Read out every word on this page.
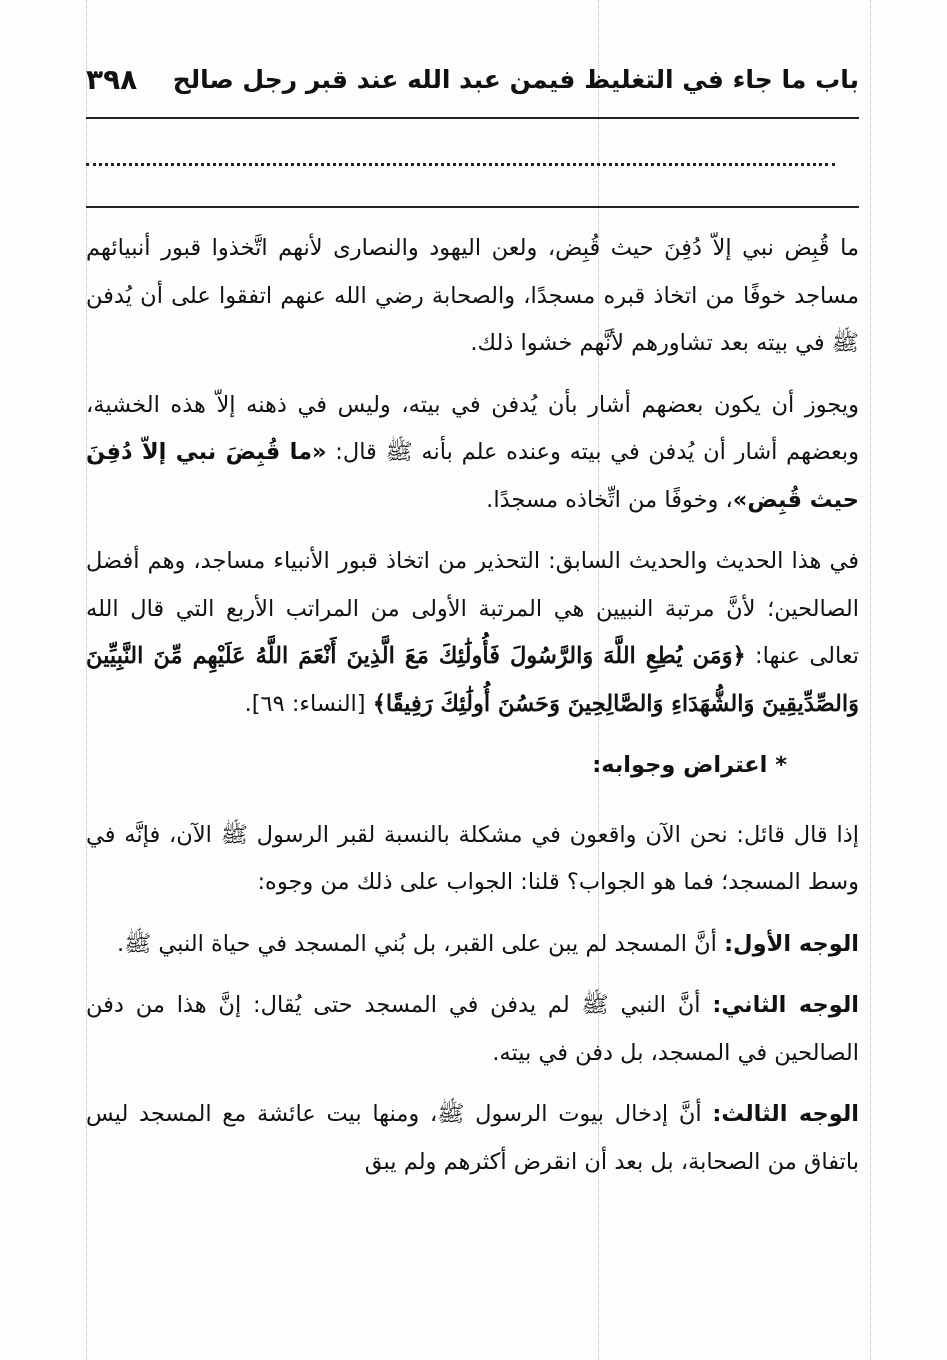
باب ما جاء في التغليظ فيمن عبد الله عند قبر رجل صالح
٣٩٨

ما قُبِض نبي إلاّ دُفِنَ حيث قُبِض، ولعن اليهود والنصارى لأنهم اتَّخذوا قبور أنبيائهم مساجد خوفًا من اتخاذ قبره مسجدًا، والصحابة رضي الله عنهم اتفقوا على أن يُدفن ﷺ في بيته بعد تشاورهم لأنَّهم خشوا ذلك.

ويجوز أن يكون بعضهم أشار بأن يُدفن في بيته، وليس في ذهنه إلاّ هذه الخشية، وبعضهم أشار أن يُدفن في بيته وعنده علم بأنه ﷺ قال: «ما قُبِضَ نبي إلاّ دُفِنَ حيث قُبِض»، وخوفًا من اتِّخاذه مسجدًا.

في هذا الحديث والحديث السابق: التحذير من اتخاذ قبور الأنبياء مساجد، وهم أفضل الصالحين؛ لأنَّ مرتبة النبيين هي المرتبة الأولى من المراتب الأربع التي قال الله تعالى عنها: ﴿وَمَن يُطِعِ اللَّهَ وَالرَّسُولَ فَأُولَٰئِكَ مَعَ الَّذِينَ أَنْعَمَ اللَّهُ عَلَيْهِم مِّنَ النَّبِيِّينَ وَالصِّدِّيقِينَ وَالشُّهَدَاءِ وَالصَّالِحِينَ وَحَسُنَ أُولَٰئِكَ رَفِيقًا﴾ [النساء: ٦٩].

* اعتراض وجوابه:

إذا قال قائل: نحن الآن واقعون في مشكلة بالنسبة لقبر الرسول ﷺ الآن، فإنَّه في وسط المسجد؛ فما هو الجواب؟ قلنا: الجواب على ذلك من وجوه:

الوجه الأول: أنَّ المسجد لم يبن على القبر، بل بُني المسجد في حياة النبي ﷺ.

الوجه الثاني: أنَّ النبي ﷺ لم يدفن في المسجد حتى يُقال: إنَّ هذا من دفن الصالحين في المسجد، بل دفن في بيته.

الوجه الثالث: أنَّ إدخال بيوت الرسول ﷺ، ومنها بيت عائشة مع المسجد ليس باتفاق من الصحابة، بل بعد أن انقرض أكثرهم ولم يبق
